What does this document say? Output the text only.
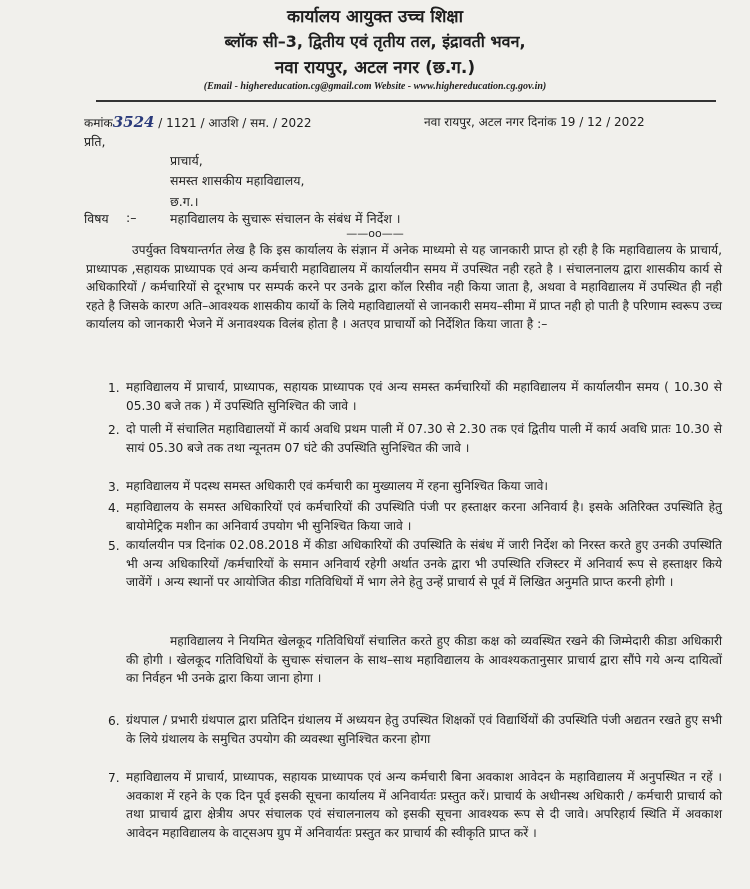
कार्यालय आयुक्त उच्च शिक्षा
ब्लॉक सी–3, द्वितीय एवं तृतीय तल, इंद्रावती भवन,
नवा रायपुर, अटल नगर (छ.ग.)
(Email - highereducation.cg@gmail.com Website - www.highereducation.cg.gov.in)
कमांक3524 / 1121 / आउशि / सम. / 2022	नवा रायपुर, अटल नगर दिनांक 19 / 12 / 2022
प्रति,
प्राचार्य,
समस्त शासकीय महाविद्यालय,
छ.ग.।
विषय :–	महाविद्यालय के सुचारू संचालन के संबंध में निर्देश ।
——oo——
उपर्युक्त विषयान्तर्गत लेख है कि इस कार्यालय के संज्ञान में अनेक माध्यमो से यह जानकारी प्राप्त हो रही है कि महाविद्यालय के प्राचार्य, प्राध्यापक ,सहायक प्राध्यापक एवं अन्य कर्मचारी महाविद्यालय में कार्यालयीन समय में उपस्थित नही रहते है । संचालनालय द्वारा शासकीय कार्य से अधिकारियों / कर्मचारियों से दूरभाष पर सम्पर्क करने पर उनके द्वारा कॉल रिसीव नही किया जाता है, अथवा वे महाविद्यालय में उपस्थित ही नही रहते है जिसके कारण अति–आवश्यक शासकीय कार्यो के लिये महाविद्यालयों से जानकारी समय–सीमा में प्राप्त नही हो पाती है परिणाम स्वरूप उच्च कार्यालय को जानकारी भेजने में अनावश्यक विलंब होता है । अतएव प्राचार्यो को निर्देशित किया जाता है :–
1. महाविद्यालय में प्राचार्य, प्राध्यापक, सहायक प्राध्यापक एवं अन्य समस्त कर्मचारियों की महाविद्यालय में कार्यालयीन समय ( 10.30 से 05.30 बजे तक ) में उपस्थिति सुनिश्चित की जावे ।
2. दो पाली में संचालित महाविद्यालयों में कार्य अवधि प्रथम पाली में 07.30 से 2.30 तक एवं द्वितीय पाली में कार्य अवधि प्रातः 10.30 से सायं 05.30 बजे तक तथा न्यूनतम 07 घंटे की उपस्थिति सुनिश्चित की जावे ।
3. महाविद्यालय में पदस्थ समस्त अधिकारी एवं कर्मचारी का मुख्यालय में रहना सुनिश्चित किया जावे।
4. महाविद्यालय के समस्त अधिकारियों एवं कर्मचारियों की उपस्थिति पंजी पर हस्ताक्षर करना अनिवार्य है। इसके अतिरिक्त उपस्थिति हेतु बायोमेट्रिक मशीन का अनिवार्य उपयोग भी सुनिश्चित किया जावे ।
5. कार्यालयीन पत्र दिनांक 02.08.2018 में कीडा अधिकारियों की उपस्थिति के संबंध में जारी निर्देश को निरस्त करते हुए उनकी उपस्थिति भी अन्य अधिकारियों /कर्मचारियों के समान अनिवार्य रहेगी अर्थात उनके द्वारा भी उपस्थिति रजिस्टर में अनिवार्य रूप से हस्ताक्षर किये जावेंगें । अन्य स्थानों पर आयोजित कीडा गतिविधियों में भाग लेने हेतु उन्हें प्राचार्य से पूर्व में लिखित अनुमति प्राप्त करनी होगी ।
महाविद्यालय ने नियमित खेलकूद गतिविधियाँ संचालित करते हुए कीडा कक्ष को व्यवस्थित रखने की जिम्मेदारी कीडा अधिकारी की होगी । खेलकूद गतिविधियों के सुचारू संचालन के साथ–साथ महाविद्यालय के आवश्यकतानुसार प्राचार्य द्वारा सौंपे गये अन्य दायित्वों का निर्वहन भी उनके द्वारा किया जाना होगा ।
6. ग्रंथपाल / प्रभारी ग्रंथपाल द्वारा प्रतिदिन ग्रंथालय में अध्ययन हेतु उपस्थित शिक्षकों एवं विद्यार्थियों की उपस्थिति पंजी अद्यतन रखते हुए सभी के लिये ग्रंथालय के समुचित उपयोग की व्यवस्था सुनिश्चित करना होगा
7. महाविद्यालय में प्राचार्य, प्राध्यापक, सहायक प्राध्यापक एवं अन्य कर्मचारी बिना अवकाश आवेदन के महाविद्यालय में अनुपस्थित न रहें । अवकाश में रहने के एक दिन पूर्व इसकी सूचना कार्यालय में अनिवार्यतः प्रस्तुत करें। प्राचार्य के अधीनस्थ अधिकारी / कर्मचारी प्राचार्य को तथा प्राचार्य द्वारा क्षेत्रीय अपर संचालक एवं संचालनालय को इसकी सूचना आवश्यक रूप से दी जावे। अपरिहार्य स्थिति में अवकाश आवेदन महाविद्यालय के वाट्सअप ग्रुप में अनिवार्यतः प्रस्तुत कर प्राचार्य की स्वीकृति प्राप्त करें ।
